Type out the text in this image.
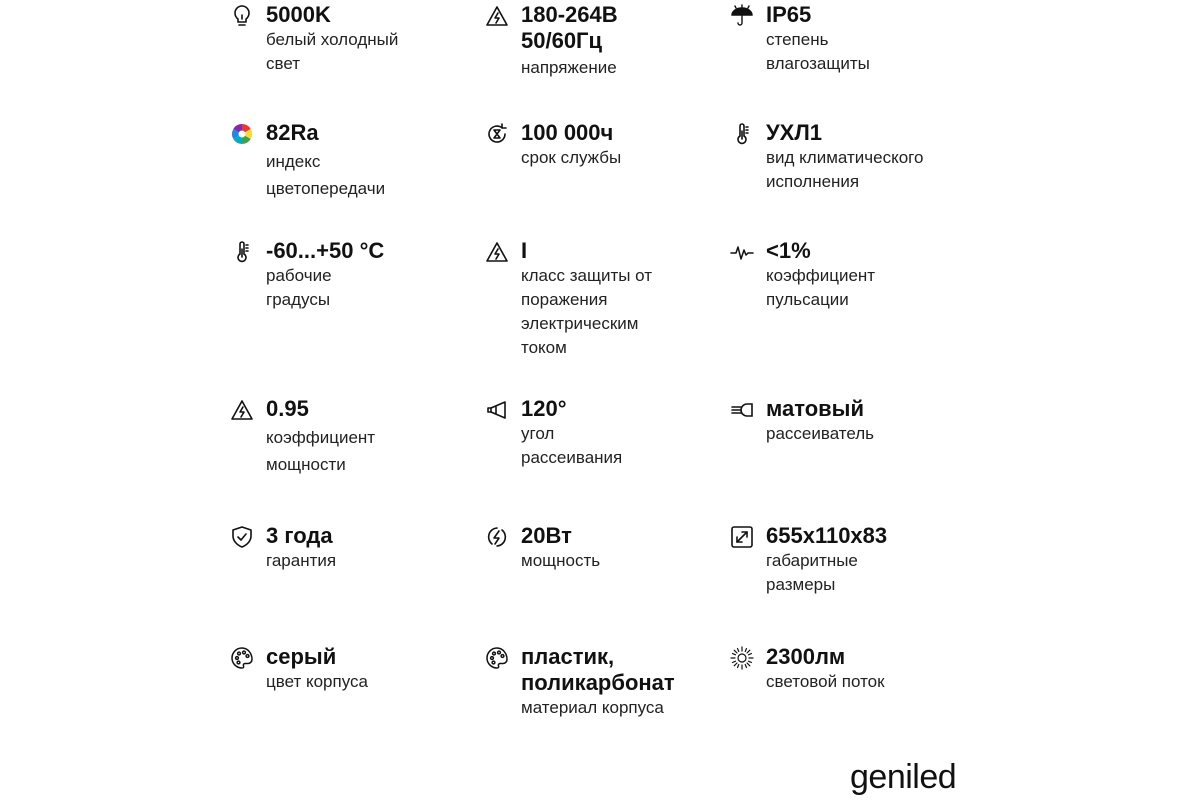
5000K
белый холодный
свет
180-264В
50/60Гц
напряжение
IP65
степень
влагозащиты
82Ra
индекс
цветопередачи
100 000ч
срок службы
УХЛ1
вид климатического
исполнения
-60...+50 °C
рабочие
градусы
I
класс защиты от
поражения
электрическим
током
<1%
коэффициент
пульсации
0.95
коэффициент
мощности
120°
угол
рассеивания
матовый
рассеиватель
3 года
гарантия
20Вт
мощность
655x110x83
габаритные
размеры
серый
цвет корпуса
пластик,
поликарбонат
материал корпуса
2300лм
световой поток
geniled
